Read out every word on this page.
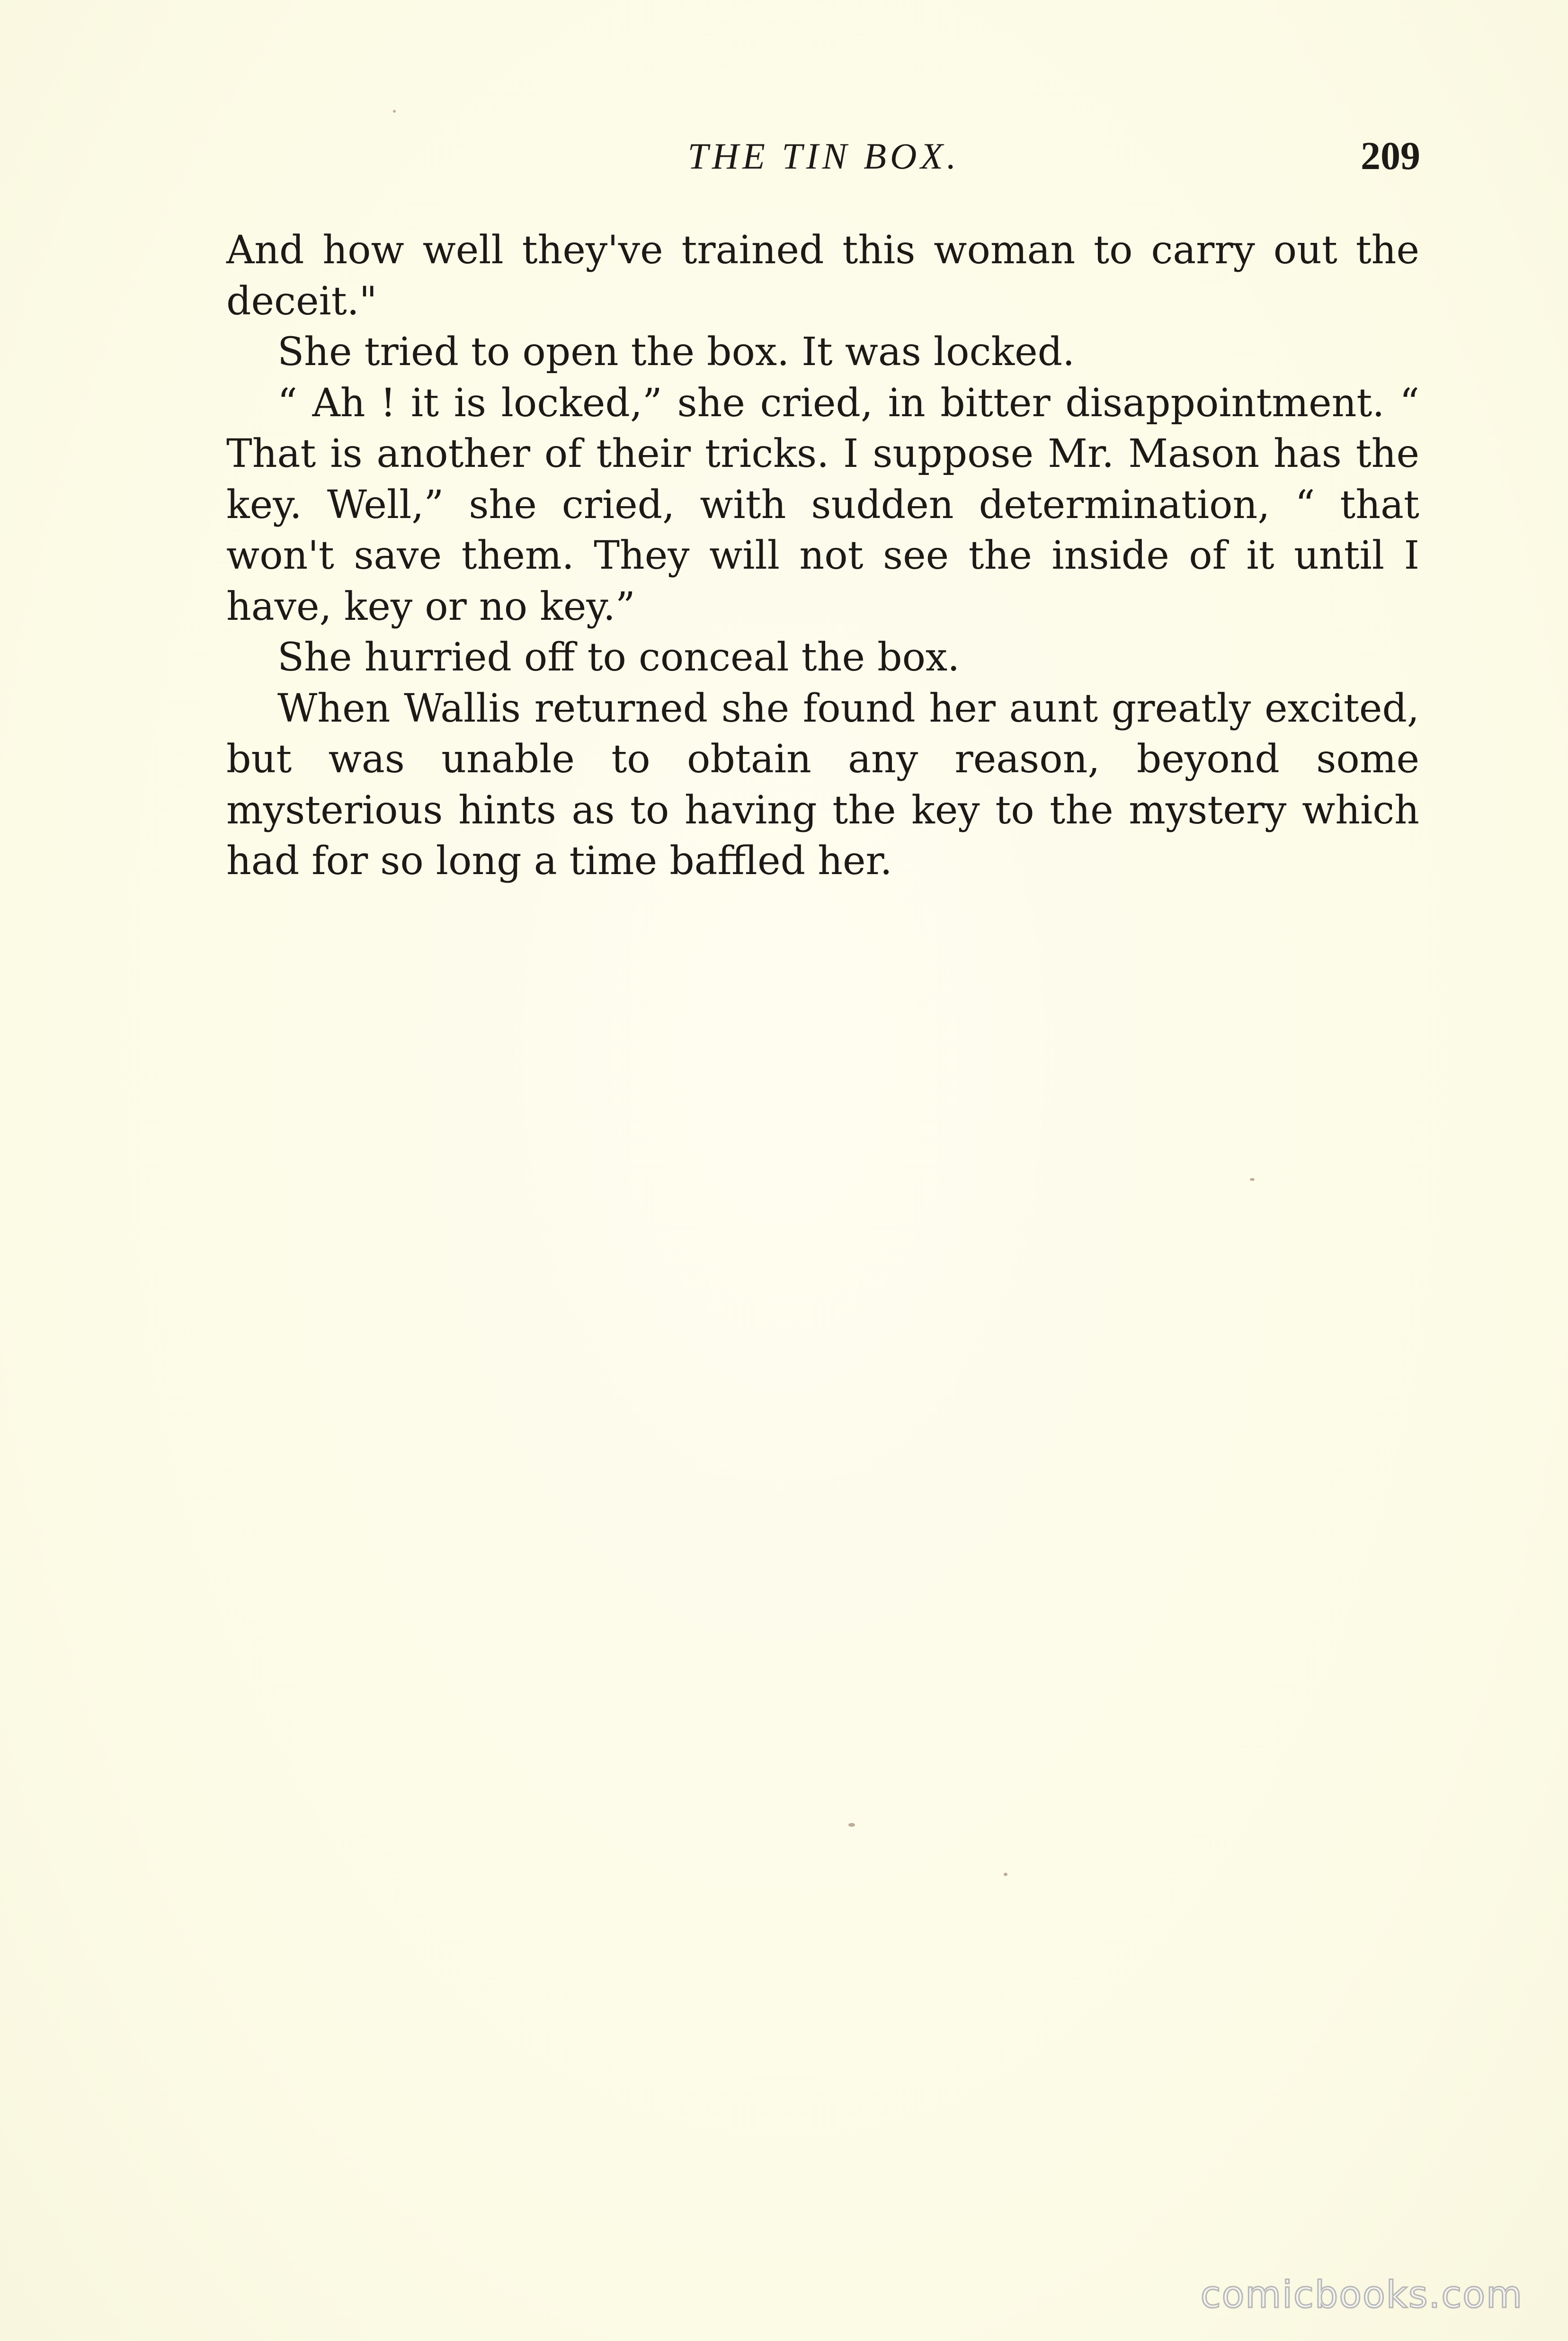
THE TIN BOX.	209

And how well they've trained this woman to carry out the deceit."

She tried to open the box. It was locked.

“ Ah ! it is locked,” she cried, in bitter disappointment. “ That is another of their tricks. I suppose Mr. Mason has the key. Well,” she cried, with sudden determination, “ that won't save them. They will not see the inside of it until I have, key or no key.”

She hurried off to conceal the box.

When Wallis returned she found her aunt greatly excited, but was unable to obtain any reason, beyond some mysterious hints as to having the key to the mystery which had for so long a time baffled her.

comicbooks.com
